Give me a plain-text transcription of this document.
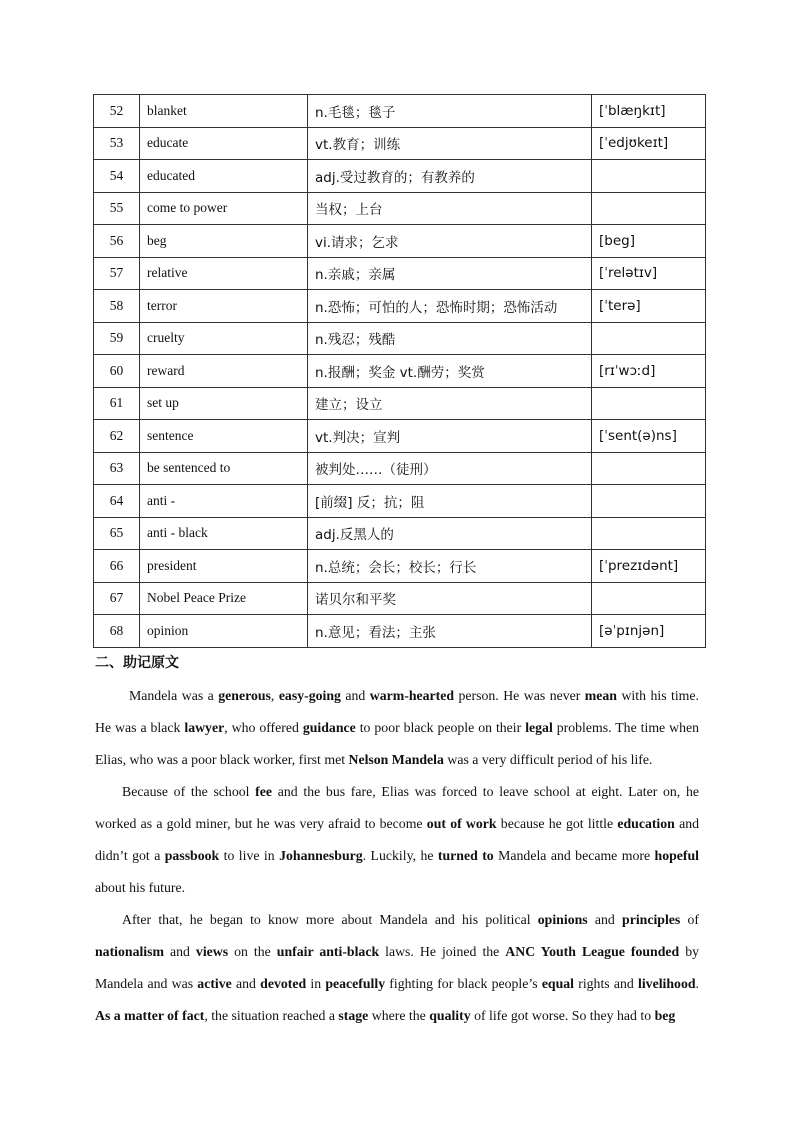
52	blanket	n.毛毯；毯子	[ˈblæŋkɪt]
53	educate	vt.教育；训练	[ˈedjʊkeɪt]
54	educated	adj.受过教育的；有教养的	
55	come to power	当权；上台	
56	beg	vi.请求；乞求	[beg]
57	relative	n.亲戚；亲属	[ˈrelətɪv]
58	terror	n.恐怖；可怕的人；恐怖时期；恐怖活动	[ˈterə]
59	cruelty	n.残忍；残酷	
60	reward	n.报酬；奖金 vt.酬劳；奖赏	[rɪˈwɔːd]
61	set up	建立；设立	
62	sentence	vt.判决；宣判	[ˈsent(ə)ns]
63	be sentenced to	被判处……（徒刑）	
64	anti -	[前缀] 反；抗；阻	
65	anti - black	adj.反黑人的	
66	president	n.总统；会长；校长；行长	[ˈprezɪdənt]
67	Nobel Peace Prize	诺贝尔和平奖	
68	opinion	n.意见；看法；主张	[əˈpɪnjən]
二、助记原文

Mandela was a generous, easy-going and warm-hearted person. He was never mean with his time. He was a black lawyer, who offered guidance to poor black people on their legal problems. The time when Elias, who was a poor black worker, first met Nelson Mandela was a very difficult period of his life.

Because of the school fee and the bus fare, Elias was forced to leave school at eight. Later on, he worked as a gold miner, but he was very afraid to become out of work because he got little education and didn’t got a passbook to live in Johannesburg. Luckily, he turned to Mandela and became more hopeful about his future.

After that, he began to know more about Mandela and his political opinions and principles of nationalism and views on the unfair anti-black laws. He joined the ANC Youth League founded by Mandela and was active and devoted in peacefully fighting for black people’s equal rights and livelihood. As a matter of fact, the situation reached a stage where the quality of life got worse. So they had to beg
